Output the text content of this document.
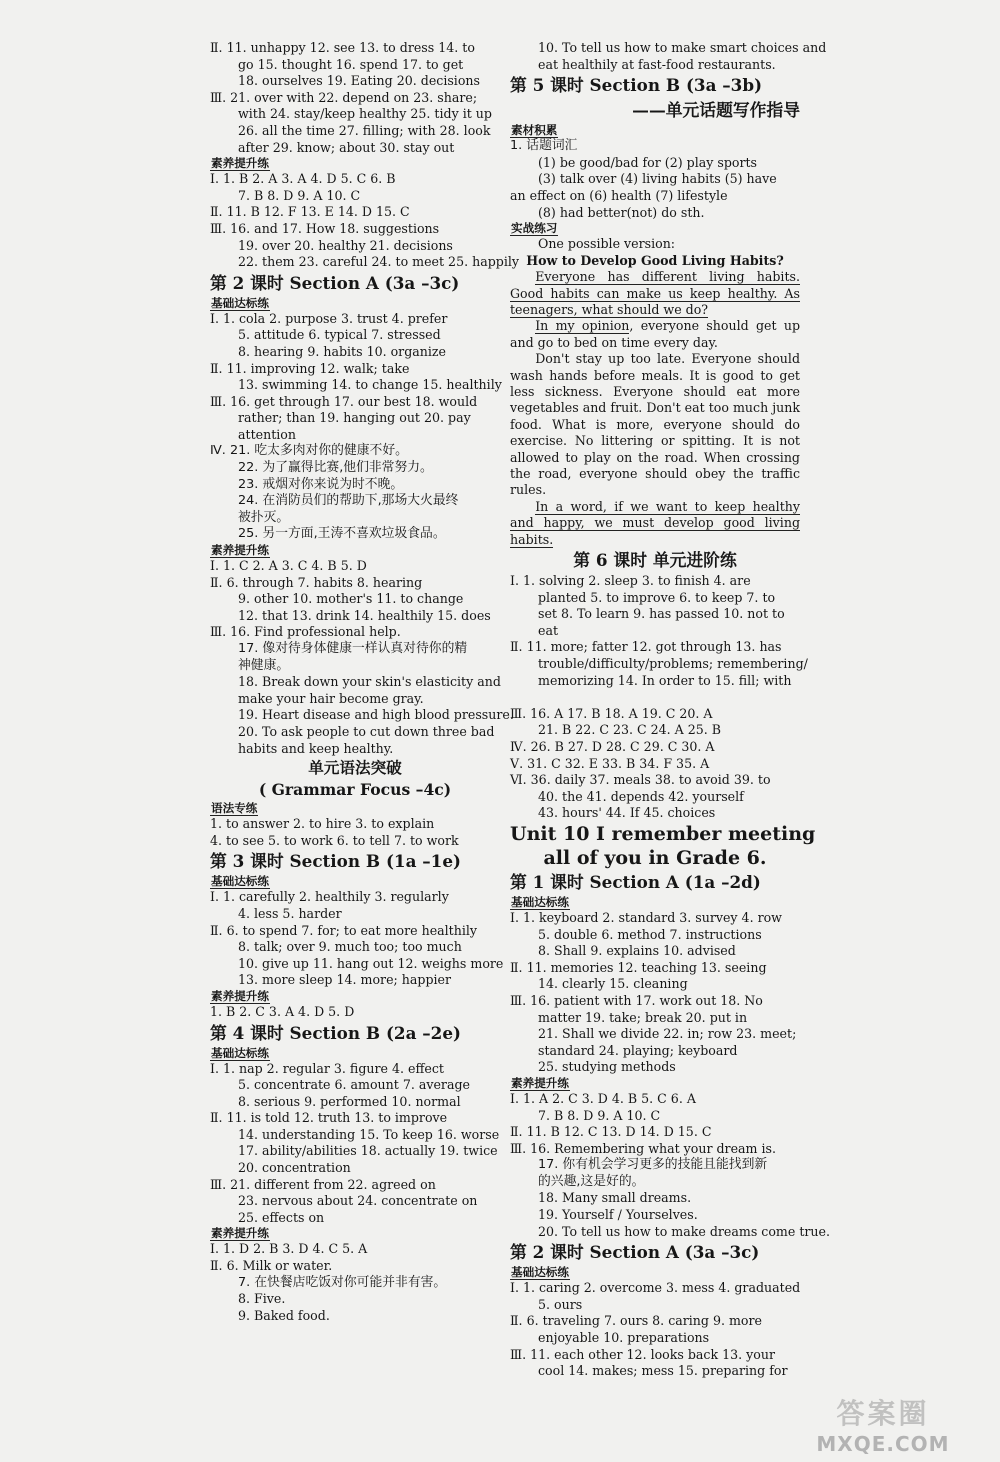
Ⅱ. 11. unhappy 12. see 13. to dress 14. to
go 15. thought 16. spend 17. to get
18. ourselves 19. Eating 20. decisions
Ⅲ. 21. over with 22. depend on 23. share;
with 24. stay/keep healthy 25. tidy it up
26. all the time 27. filling; with 28. look
after 29. know; about 30. stay out
素养提升练
Ⅰ. 1. B 2. A 3. A 4. D 5. C 6. B
7. B 8. D 9. A 10. C
Ⅱ. 11. B 12. F 13. E 14. D 15. C
Ⅲ. 16. and 17. How 18. suggestions
19. over 20. healthy 21. decisions
22. them 23. careful 24. to meet 25. happily
第 2 课时 Section A (3a –3c)
基础达标练
Ⅰ. 1. cola 2. purpose 3. trust 4. prefer
5. attitude 6. typical 7. stressed
8. hearing 9. habits 10. organize
Ⅱ. 11. improving 12. walk; take
13. swimming 14. to change 15. healthily
Ⅲ. 16. get through 17. our best 18. would
rather; than 19. hanging out 20. pay
attention
Ⅳ. 21. 吃太多肉对你的健康不好。
22. 为了赢得比赛,他们非常努力。
23. 戒烟对你来说为时不晚。
24. 在消防员们的帮助下,那场大火最终
被扑灭。
25. 另一方面,王涛不喜欢垃圾食品。
素养提升练
Ⅰ. 1. C 2. A 3. C 4. B 5. D
Ⅱ. 6. through 7. habits 8. hearing
9. other 10. mother's 11. to change
12. that 13. drink 14. healthily 15. does
Ⅲ. 16. Find professional help.
17. 像对待身体健康一样认真对待你的精
神健康。
18. Break down your skin's elasticity and
make your hair become gray.
19. Heart disease and high blood pressure.
20. To ask people to cut down three bad
habits and keep healthy.
单元语法突破
( Grammar Focus –4c)
语法专练
1. to answer 2. to hire 3. to explain
4. to see 5. to work 6. to tell 7. to work
第 3 课时 Section B (1a –1e)
基础达标练
Ⅰ. 1. carefully 2. healthily 3. regularly
4. less 5. harder
Ⅱ. 6. to spend 7. for; to eat more healthily
8. talk; over 9. much too; too much
10. give up 11. hang out 12. weighs more
13. more sleep 14. more; happier
素养提升练
1. B 2. C 3. A 4. D 5. D
第 4 课时 Section B (2a –2e)
基础达标练
Ⅰ. 1. nap 2. regular 3. figure 4. effect
5. concentrate 6. amount 7. average
8. serious 9. performed 10. normal
Ⅱ. 11. is told 12. truth 13. to improve
14. understanding 15. To keep 16. worse
17. ability/abilities 18. actually 19. twice
20. concentration
Ⅲ. 21. different from 22. agreed on
23. nervous about 24. concentrate on
25. effects on
素养提升练
Ⅰ. 1. D 2. B 3. D 4. C 5. A
Ⅱ. 6. Milk or water.
7. 在快餐店吃饭对你可能并非有害。
8. Five.
9. Baked food.
10. To tell us how to make smart choices and
eat healthily at fast-food restaurants.
第 5 课时 Section B (3a –3b)
——单元话题写作指导
素材积累
1. 话题词汇
(1) be good/bad for (2) play sports
(3) talk over (4) living habits (5) have
an effect on (6) health (7) lifestyle
(8) had better(not) do sth.
实战练习
One possible version:

How to Develop Good Living Habits?

Everyone has different living habits. Good habits can make us keep healthy. As teenagers, what should we do?

In my opinion, everyone should get up and go to bed on time every day.

Don't stay up too late. Everyone should wash hands before meals. It is good to get less sickness. Everyone should eat more vegetables and fruit. Don't eat too much junk food. What is more, everyone should do exercise. No littering or spitting. It is not allowed to play on the road. When crossing the road, everyone should obey the traffic rules.

In a word, if we want to keep healthy and happy, we must develop good living habits.

第 6 课时 单元进阶练
Ⅰ. 1. solving 2. sleep 3. to finish 4. are
planted 5. to improve 6. to keep 7. to
set 8. To learn 9. has passed 10. not to
eat
Ⅱ. 11. more; fatter 12. got through 13. has
trouble/difficulty/problems; remembering/
memorizing 14. In order to 15. fill; with
Ⅲ. 16. A 17. B 18. A 19. C 20. A
21. B 22. C 23. C 24. A 25. B
Ⅳ. 26. B 27. D 28. C 29. C 30. A
Ⅴ. 31. C 32. E 33. B 34. F 35. A
Ⅵ. 36. daily 37. meals 38. to avoid 39. to
40. the 41. depends 42. yourself
43. hours' 44. If 45. choices
Unit 10 I remember meeting
all of you in Grade 6.
第 1 课时 Section A (1a –2d)
基础达标练
Ⅰ. 1. keyboard 2. standard 3. survey 4. row
5. double 6. method 7. instructions
8. Shall 9. explains 10. advised
Ⅱ. 11. memories 12. teaching 13. seeing
14. clearly 15. cleaning
Ⅲ. 16. patient with 17. work out 18. No
matter 19. take; break 20. put in
21. Shall we divide 22. in; row 23. meet;
standard 24. playing; keyboard
25. studying methods
素养提升练
Ⅰ. 1. A 2. C 3. D 4. B 5. C 6. A
7. B 8. D 9. A 10. C
Ⅱ. 11. B 12. C 13. D 14. D 15. C
Ⅲ. 16. Remembering what your dream is.
17. 你有机会学习更多的技能且能找到新
的兴趣,这是好的。
18. Many small dreams.
19. Yourself / Yourselves.
20. To tell us how to make dreams come true.
第 2 课时 Section A (3a –3c)
基础达标练
Ⅰ. 1. caring 2. overcome 3. mess 4. graduated
5. ours
Ⅱ. 6. traveling 7. ours 8. caring 9. more
enjoyable 10. preparations
Ⅲ. 11. each other 12. looks back 13. your
cool 14. makes; mess 15. preparing for
答案圈
MXQE.COM
